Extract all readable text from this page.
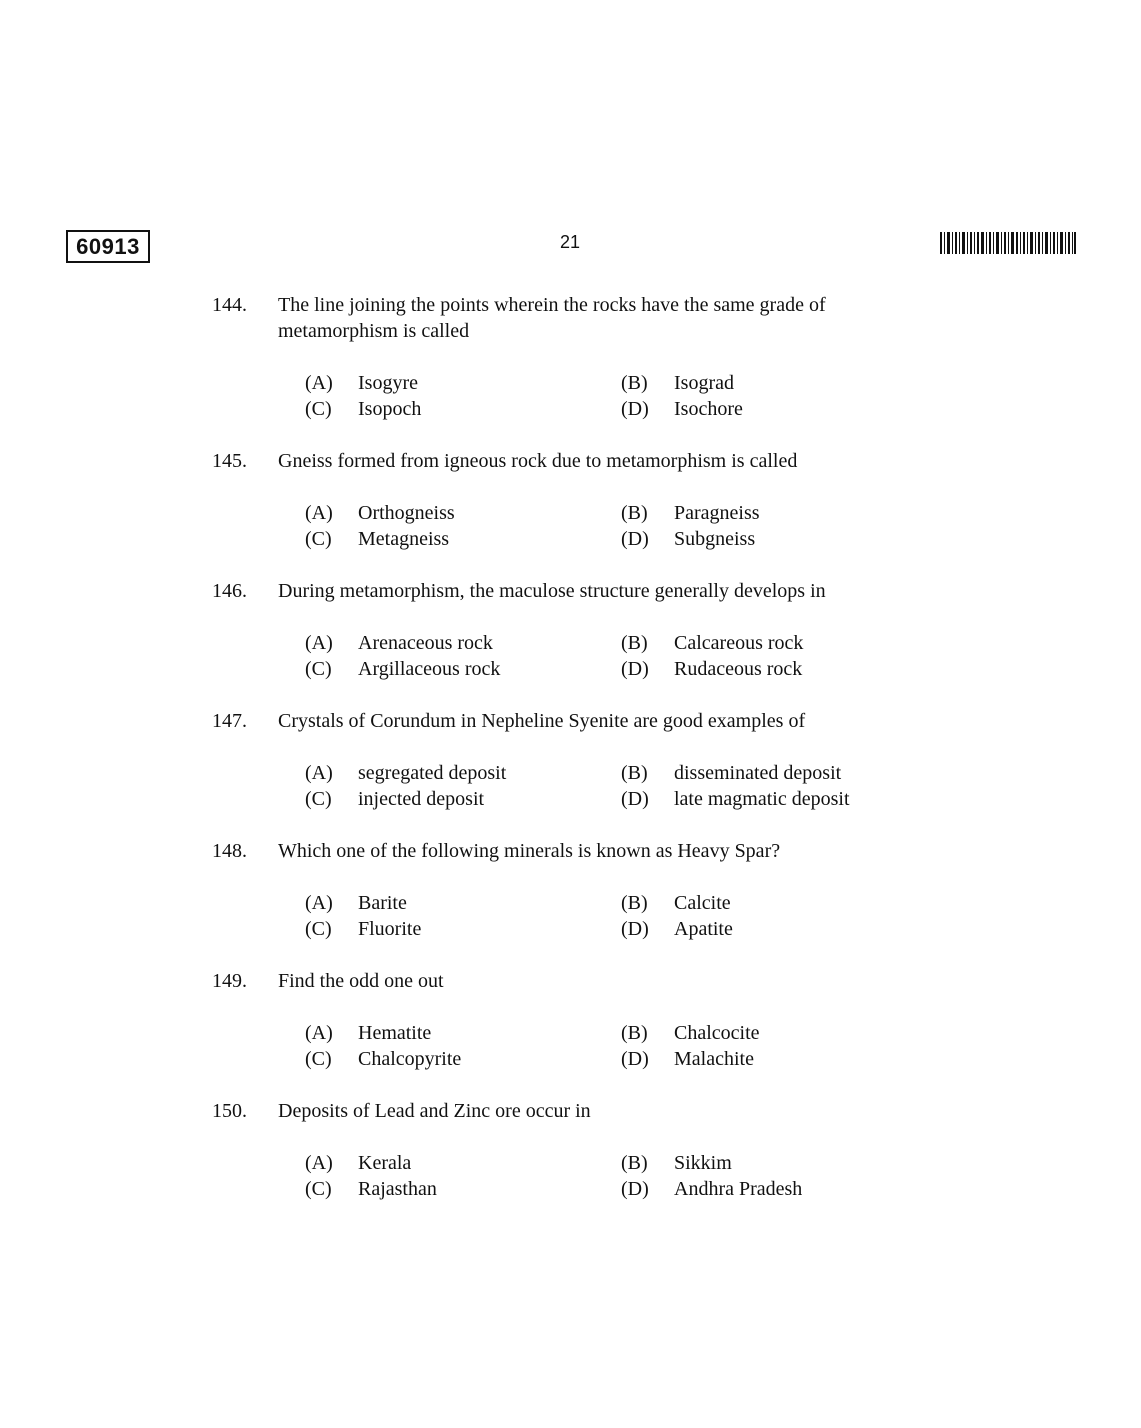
60913	21
144. The line joining the points wherein the rocks have the same grade of metamorphism is called
(A) Isogyre	(B) Isograd
(C) Isopoch	(D) Isochore
145. Gneiss formed from igneous rock due to metamorphism is called
(A) Orthogneiss	(B) Paragneiss
(C) Metagneiss	(D) Subgneiss
146. During metamorphism, the maculose structure generally develops in
(A) Arenaceous rock	(B) Calcareous rock
(C) Argillaceous rock	(D) Rudaceous rock
147. Crystals of Corundum in Nepheline Syenite are good examples of
(A) segregated deposit	(B) disseminated deposit
(C) injected deposit	(D) late magmatic deposit
148. Which one of the following minerals is known as Heavy Spar?
(A) Barite	(B) Calcite
(C) Fluorite	(D) Apatite
149. Find the odd one out
(A) Hematite	(B) Chalcocite
(C) Chalcopyrite	(D) Malachite
150. Deposits of Lead and Zinc ore occur in
(A) Kerala	(B) Sikkim
(C) Rajasthan	(D) Andhra Pradesh
